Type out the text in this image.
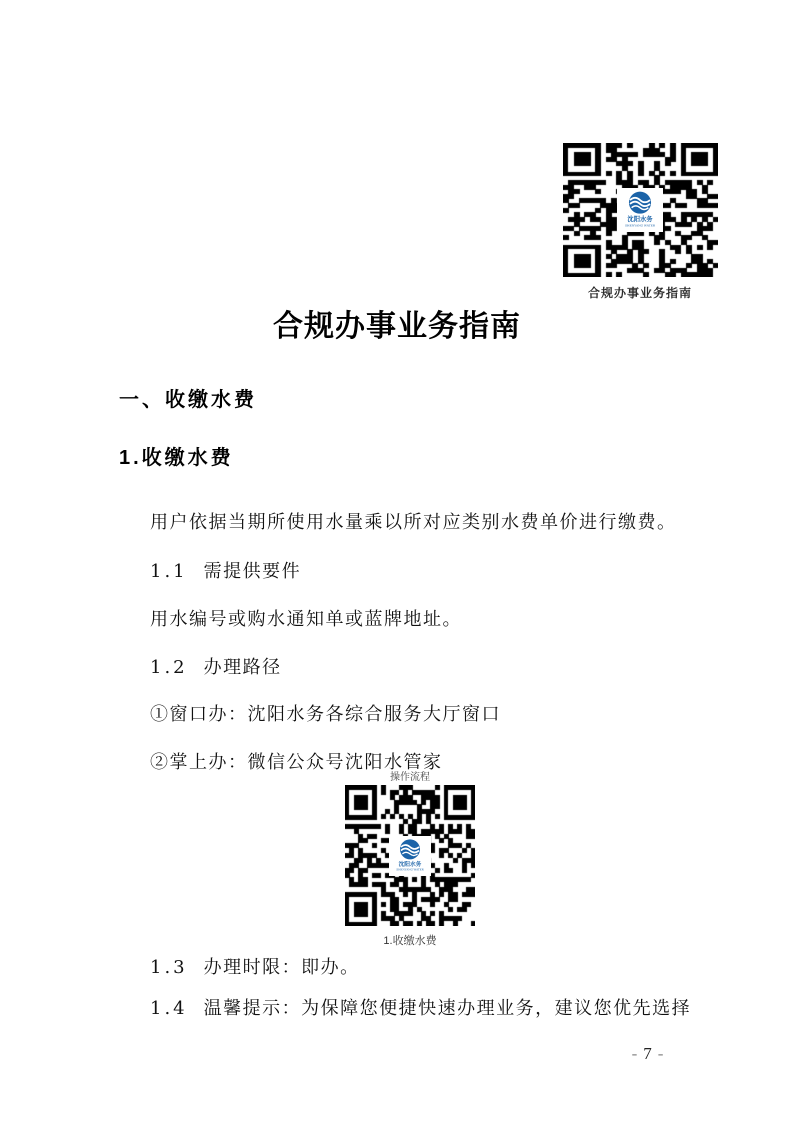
沈阳水务
SHENYANG WATER
合规办事业务指南
合规办事业务指南
一、收缴水费
1.收缴水费
用户依据当期所使用水量乘以所对应类别水费单价进行缴费。
1.1 需提供要件
用水编号或购水通知单或蓝牌地址。
1.2 办理路径
①窗口办：沈阳水务各综合服务大厅窗口
②掌上办：微信公众号沈阳水管家
操作流程
沈阳水务
SHENYANG WATER
1.收缴水费
1.3 办理时限：即办。
1.4 温馨提示：为保障您便捷快速办理业务，建议您优先选择
- 7 -
